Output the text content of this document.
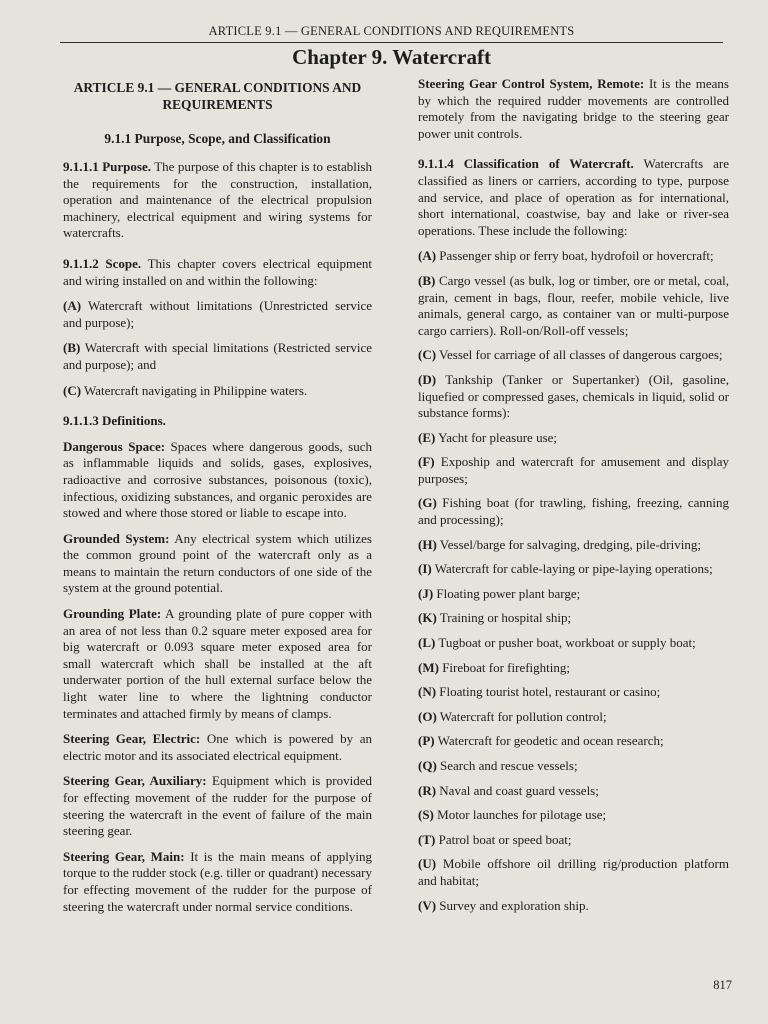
ARTICLE 9.1 — GENERAL CONDITIONS AND REQUIREMENTS
Chapter 9. Watercraft
ARTICLE 9.1 — GENERAL CONDITIONS AND REQUIREMENTS
9.1.1 Purpose, Scope, and Classification

9.1.1.1 Purpose. The purpose of this chapter is to establish the requirements for the construction, installation, operation and maintenance of the electrical propulsion machinery, electrical equipment and wiring systems for watercrafts.

9.1.1.2 Scope. This chapter covers electrical equipment and wiring installed on and within the following:

(A) Watercraft without limitations (Unrestricted service and purpose);

(B) Watercraft with special limitations (Restricted service and purpose); and

(C) Watercraft navigating in Philippine waters.

9.1.1.3 Definitions.

Dangerous Space: Spaces where dangerous goods, such as inflammable liquids and solids, gases, explosives, radioactive and corrosive substances, poisonous (toxic), infectious, oxidizing substances, and organic peroxides are stowed and where those stored or liable to escape into.

Grounded System: Any electrical system which utilizes the common ground point of the watercraft only as a means to maintain the return conductors of one side of the system at the ground potential.

Grounding Plate: A grounding plate of pure copper with an area of not less than 0.2 square meter exposed area for big watercraft or 0.093 square meter exposed area for small watercraft which shall be installed at the aft underwater portion of the hull external surface below the light water line to where the lightning conductor terminates and attached firmly by means of clamps.

Steering Gear, Electric: One which is powered by an electric motor and its associated electrical equipment.

Steering Gear, Auxiliary: Equipment which is provided for effecting movement of the rudder for the purpose of steering the watercraft in the event of failure of the main steering gear.

Steering Gear, Main: It is the main means of applying torque to the rudder stock (e.g. tiller or quadrant) necessary for effecting movement of the rudder for the purpose of steering the watercraft under normal service conditions.

Steering Gear Control System, Remote: It is the means by which the required rudder movements are controlled remotely from the navigating bridge to the steering gear power unit controls.

9.1.1.4 Classification of Watercraft. Watercrafts are classified as liners or carriers, according to type, purpose and service, and place of operation as for international, short international, coastwise, bay and lake or river-sea operations. These include the following:

(A) Passenger ship or ferry boat, hydrofoil or hovercraft;

(B) Cargo vessel (as bulk, log or timber, ore or metal, coal, grain, cement in bags, flour, reefer, mobile vehicle, live animals, general cargo, as container van or multi-purpose cargo carriers). Roll-on/Roll-off vessels;

(C) Vessel for carriage of all classes of dangerous cargoes;

(D) Tankship (Tanker or Supertanker) (Oil, gasoline, liquefied or compressed gases, chemicals in liquid, solid or substance forms):

(E) Yacht for pleasure use;

(F) Expoship and watercraft for amusement and display purposes;

(G) Fishing boat (for trawling, fishing, freezing, canning and processing);

(H) Vessel/barge for salvaging, dredging, pile-driving;

(I) Watercraft for cable-laying or pipe-laying operations;

(J) Floating power plant barge;

(K) Training or hospital ship;

(L) Tugboat or pusher boat, workboat or supply boat;

(M) Fireboat for firefighting;

(N) Floating tourist hotel, restaurant or casino;

(O) Watercraft for pollution control;

(P) Watercraft for geodetic and ocean research;

(Q) Search and rescue vessels;

(R) Naval and coast guard vessels;

(S) Motor launches for pilotage use;

(T) Patrol boat or speed boat;

(U) Mobile offshore oil drilling rig/production platform and habitat;

(V) Survey and exploration ship.

817
